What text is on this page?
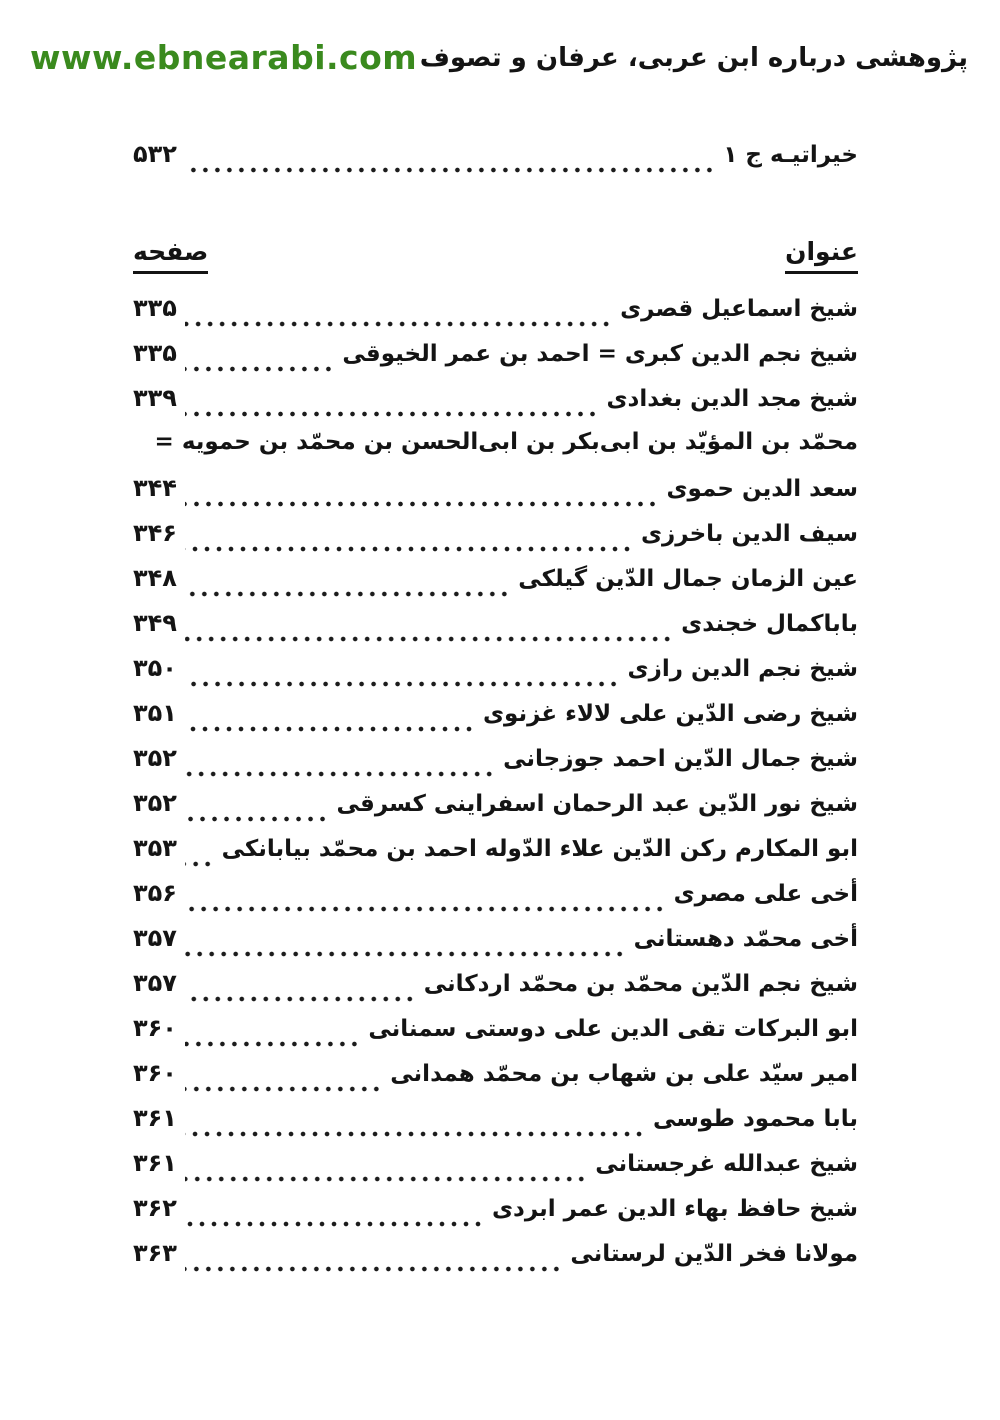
www.ebnearabi.com پژوهشی درباره ابن عربی، عرفان و تصوف
خیراتیـه ج ۱
۵۳۲
عنوان
صفحه
شیخ اسماعیل قصری
۳۳۵
شیخ نجم الدین کبری = احمد بن عمر الخیوقی
۳۳۵
شیخ مجد الدین بغدادی
۳۳۹
محمّد بن المؤیّد بن ابی‌بکر بن ابی‌الحسن بن محمّد بن حمویه =
سعد الدین حموی
۳۴۴
سیف الدین باخرزی
۳۴۶
عین الزمان جمال الدّین گیلکی
۳۴۸
باباکمال خجندی
۳۴۹
شیخ نجم الدین رازی
۳۵۰
شیخ رضی الدّین علی لالاء غزنوی
۳۵۱
شیخ جمال الدّین احمد جوزجانی
۳۵۲
شیخ نور الدّین عبد الرحمان اسفراینی کسرقی
۳۵۲
ابو المکارم رکن الدّین علاء الدّوله احمد بن محمّد بیابانکی
۳۵۳
أخی علی مصری
۳۵۶
أخی محمّد دهستانی
۳۵۷
شیخ نجم الدّین محمّد بن محمّد اردکانی
۳۵۷
ابو البرکات تقی الدین علی دوستی سمنانی
۳۶۰
امیر سیّد علی بن شهاب بن محمّد همدانی
۳۶۰
بابا محمود طوسی
۳۶۱
شیخ عبدالله غرجستانی
۳۶۱
شیخ حافظ بهاء الدین عمر ابردی
۳۶۲
مولانا فخر الدّین لرستانی
۳۶۳
